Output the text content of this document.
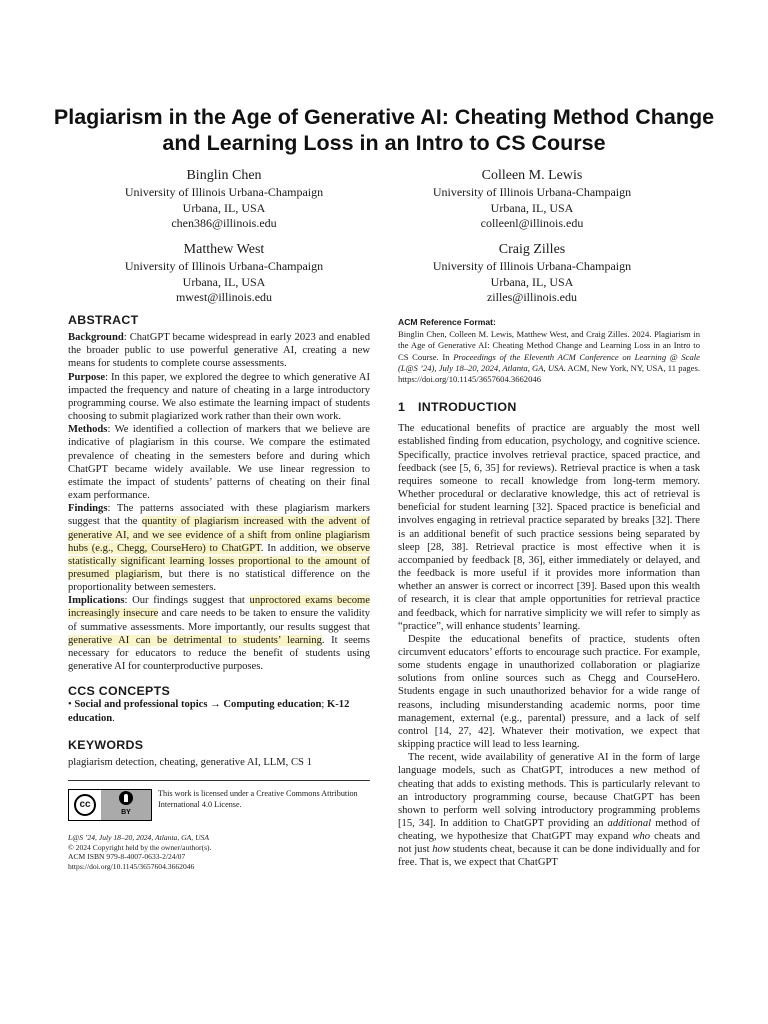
Plagiarism in the Age of Generative AI: Cheating Method Change and Learning Loss in an Intro to CS Course
Binglin Chen
University of Illinois Urbana-Champaign
Urbana, IL, USA
chen386@illinois.edu
Colleen M. Lewis
University of Illinois Urbana-Champaign
Urbana, IL, USA
colleenl@illinois.edu
Matthew West
University of Illinois Urbana-Champaign
Urbana, IL, USA
mwest@illinois.edu
Craig Zilles
University of Illinois Urbana-Champaign
Urbana, IL, USA
zilles@illinois.edu
ABSTRACT

Background: ChatGPT became widespread in early 2023 and enabled the broader public to use powerful generative AI, creating a new means for students to complete course assessments.

Purpose: In this paper, we explored the degree to which generative AI impacted the frequency and nature of cheating in a large introductory programming course. We also estimate the learning impact of students choosing to submit plagiarized work rather than their own work.

Methods: We identified a collection of markers that we believe are indicative of plagiarism in this course. We compare the estimated prevalence of cheating in the semesters before and during which ChatGPT became widely available. We use linear regression to estimate the impact of students’ patterns of cheating on their final exam performance.

Findings: The patterns associated with these plagiarism markers suggest that the quantity of plagiarism increased with the advent of generative AI, and we see evidence of a shift from online plagiarism hubs (e.g., Chegg, CourseHero) to ChatGPT. In addition, we observe statistically significant learning losses proportional to the amount of presumed plagiarism, but there is no statistical difference on the proportionality between semesters.

Implications: Our findings suggest that unproctored exams become increasingly insecure and care needs to be taken to ensure the validity of summative assessments. More importantly, our results suggest that generative AI can be detrimental to students’ learning. It seems necessary for educators to reduce the benefit of students using generative AI for counterproductive purposes.

CCS CONCEPTS

• Social and professional topics → Computing education; K-12 education.

KEYWORDS

plagiarism detection, cheating, generative AI, LLM, CS 1

cc
BY
This work is licensed under a Creative Commons Attribution International 4.0 License.
L@S ’24, July 18–20, 2024, Atlanta, GA, USA
© 2024 Copyright held by the owner/author(s).
ACM ISBN 979-8-4007-0633-2/24/07
https://doi.org/10.1145/3657604.3662046

ACM Reference Format:

Binglin Chen, Colleen M. Lewis, Matthew West, and Craig Zilles. 2024. Plagiarism in the Age of Generative AI: Cheating Method Change and Learning Loss in an Intro to CS Course. In Proceedings of the Eleventh ACM Conference on Learning @ Scale (L@S ’24), July 18–20, 2024, Atlanta, GA, USA. ACM, New York, NY, USA, 11 pages. https://doi.org/10.1145/3657604.3662046

1 INTRODUCTION

The educational benefits of practice are arguably the most well established finding from education, psychology, and cognitive science. Specifically, practice involves retrieval practice, spaced practice, and feedback (see [5, 6, 35] for reviews). Retrieval practice is when a task requires someone to recall knowledge from long-term memory. Whether procedural or declarative knowledge, this act of retrieval is beneficial for student learning [32]. Spaced practice is beneficial and involves engaging in retrieval practice separated by breaks [32]. There is an additional benefit of such practice sessions being separated by sleep [28, 38]. Retrieval practice is most effective when it is accompanied by feedback [8, 36], either immediately or delayed, and the feedback is more useful if it provides more information than whether an answer is correct or incorrect [39]. Based upon this wealth of research, it is clear that ample opportunities for retrieval practice and feedback, which for narrative simplicity we will refer to simply as “practice”, will enhance students’ learning.

Despite the educational benefits of practice, students often circumvent educators’ efforts to encourage such practice. For example, some students engage in unauthorized collaboration or plagiarize solutions from online sources such as Chegg and CourseHero. Students engage in such unauthorized behavior for a wide range of reasons, including misunderstanding academic norms, poor time management, external (e.g., parental) pressure, and a lack of self control [14, 27, 42]. Whatever their motivation, we expect that skipping practice will lead to less learning.

The recent, wide availability of generative AI in the form of large language models, such as ChatGPT, introduces a new method of cheating that adds to existing methods. This is particularly relevant to an introductory programming course, because ChatGPT has been shown to perform well solving introductory programming problems [15, 34]. In addition to ChatGPT providing an additional method of cheating, we hypothesize that ChatGPT may expand who cheats and not just how students cheat, because it can be done individually and for free. That is, we expect that ChatGPT
